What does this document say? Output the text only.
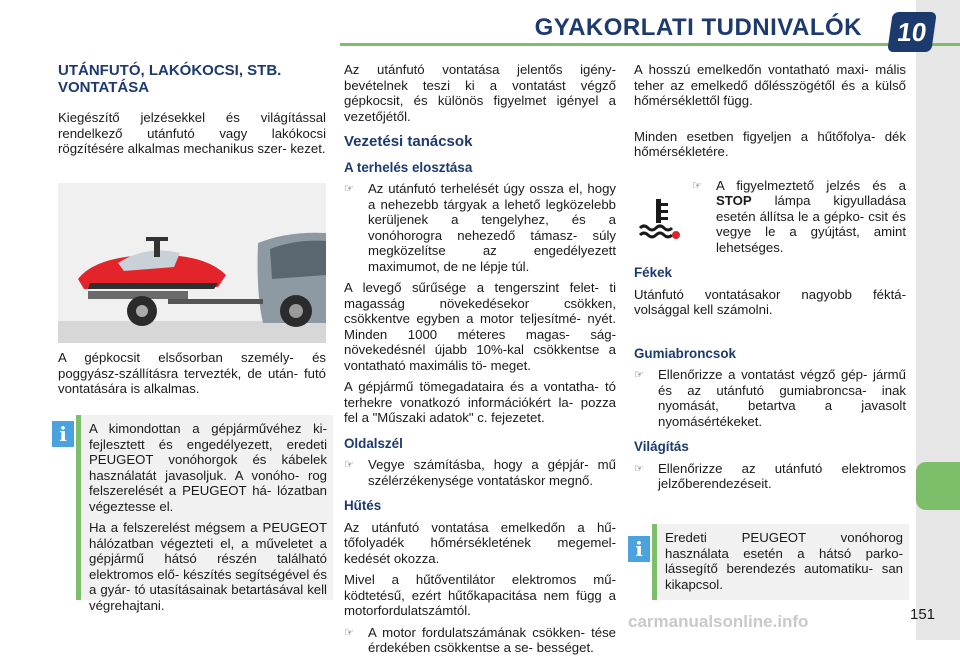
GYAKORLATI TUDNIVALÓK	10
UTÁNFUTÓ, LAKÓKOCSI, STB. VONTATÁSA

Kiegészítő jelzésekkel és világítással rendelkező utánfutó vagy lakókocsi rögzítésére alkalmas mechanikus szer- kezet.

A gépkocsit elsősorban személy- és poggyász-szállításra tervezték, de után- futó vontatására is alkalmas.

i	A kimondottan a gépjárművéhez ki- fejlesztett és engedélyezett, eredeti PEUGEOT vonóhorgok és kábelek használatát javasoljuk. A vonóho- rog felszerelését a PEUGEOT há- lózatban végeztesse el.

Ha a felszerelést mégsem a PEUGEOT hálózatban végezteti el, a műveletet a gépjármű hátsó részén található elektromos elő- készítés segítségével és a gyár- tó utasításainak betartásával kell végrehajtani.

Az utánfutó vontatása jelentős igény- bevételnek teszi ki a vontatást végző gépkocsit, és különös figyelmet igényel a vezetőjétől.

Vezetési tanácsok
A terhelés elosztása
☞	Az utánfutó terhelését úgy ossza el, hogy a nehezebb tárgyak a lehető legközelebb kerüljenek a tengelyhez, és a vonóhorogra nehezedő támasz- súly megközelítse az engedélyezett maximumot, de ne lépje túl.

A levegő sűrűsége a tengerszint felet- ti magasság növekedésekor csökken, csökkentve egyben a motor teljesítmé- nyét. Minden 1000 méteres magas- ság-növekedésnél újabb 10%-kal csökkentse a vontatható maximális tö- meget.

A gépjármű tömegadataira és a vontatha- tó terhekre vonatkozó információkért la- pozza fel a "Műszaki adatok" c. fejezetet.

Oldalszél
☞	Vegye számításba, hogy a gépjár- mű szélérzékenysége vontatáskor megnő.
Hűtés

Az utánfutó vontatása emelkedőn a hű- tőfolyadék hőmérsékletének megemel- kedését okozza.

Mivel a hűtőventilátor elektromos mű- ködtetésű, ezért hűtőkapacitása nem függ a motorfordulatszámtól.

☞	A motor fordulatszámának csökken- tése érdekében csökkentse a se- bességet.

A hosszú emelkedőn vontatható maxi- mális teher az emelkedő dőlésszögétől és a külső hőmérséklettől függ.

Minden esetben figyeljen a hűtőfolya- dék hőmérsékletére.

☞	A figyelmeztető jelzés és a STOP lámpa kigyulladása esetén állítsa le a gépko- csit és vegye le a gyújtást, amint lehetséges.
Fékek

Utánfutó vontatásakor nagyobb féktá- volsággal kell számolni.

Gumiabroncsok
☞	Ellenőrizze a vontatást végző gép- jármű és az utánfutó gumiabroncsa- inak nyomását, betartva a javasolt nyomásértékeket.
Világítás
☞	Ellenőrizze az utánfutó elektromos jelzőberendezéseit.
i	Eredeti PEUGEOT vonóhorog használata esetén a hátsó parko- lássegítő berendezés automatiku- san kikapcsol.

151
carmanualsonline.info
